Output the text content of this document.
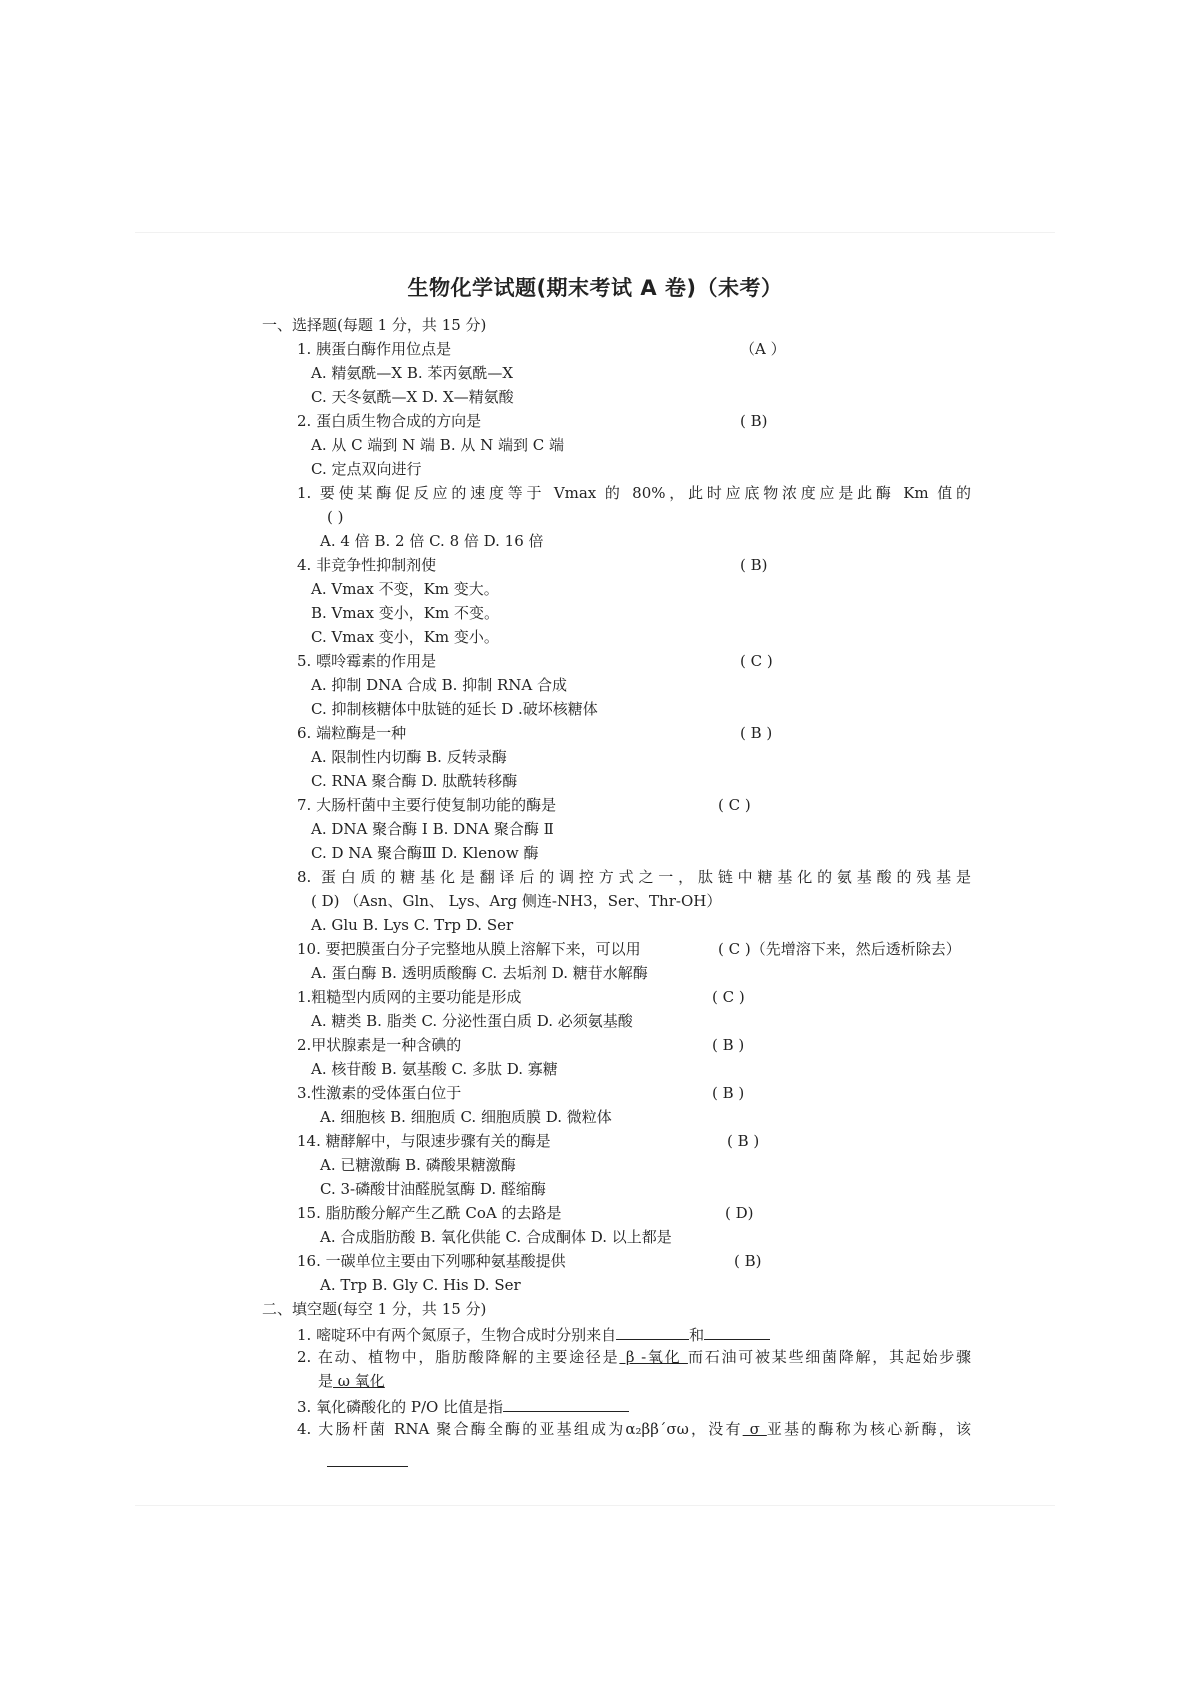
生物化学试题(期末考试 A 卷)（未考）
一、选择题(每题 1 分，共 15 分)
1. 胰蛋白酶作用位点是	（A ）
A. 精氨酰—X B. 苯丙氨酰—X
C. 天冬氨酰—X D. X—精氨酸
2. 蛋白质生物合成的方向是	( B)
A. 从 C 端到 N 端 B. 从 N 端到 C 端
C. 定点双向进行
1. 要使某酶促反应的速度等于 Vmax 的 80%，此时应底物浓度应是此酶 Km 值的
( )
A. 4 倍 B. 2 倍 C. 8 倍 D. 16 倍
4. 非竞争性抑制剂使	( B)
A. Vmax 不变，Km 变大。
B. Vmax 变小，Km 不变。
C. Vmax 变小，Km 变小。
5. 嘌呤霉素的作用是	( C )
A. 抑制 DNA 合成 B. 抑制 RNA 合成
C. 抑制核糖体中肽链的延长 D .破坏核糖体
6. 端粒酶是一种	( B )
A. 限制性内切酶 B. 反转录酶
C. RNA 聚合酶 D. 肽酰转移酶
7. 大肠杆菌中主要行使复制功能的酶是	( C )
A. DNA 聚合酶 I B. DNA 聚合酶 Ⅱ
C. D NA 聚合酶Ⅲ D. Klenow 酶
8. 蛋白质的糖基化是翻译后的调控方式之一，肽链中糖基化的氨基酸的残基是
( D) （Asn、Gln、 Lys、Arg 侧连-NH3，Ser、Thr-OH）
A. Glu B. Lys C. Trp D. Ser
10. 要把膜蛋白分子完整地从膜上溶解下来，可以用	( C )（先增溶下来，然后透析除去）
A. 蛋白酶 B. 透明质酸酶 C. 去垢剂 D. 糖苷水解酶
1.粗糙型内质网的主要功能是形成	( C )
A. 糖类 B. 脂类 C. 分泌性蛋白质 D. 必须氨基酸
2.甲状腺素是一种含碘的	( B )
A. 核苷酸 B. 氨基酸 C. 多肽 D. 寡糖
3.性激素的受体蛋白位于	( B )
A. 细胞核 B. 细胞质 C. 细胞质膜 D. 微粒体
14. 糖酵解中，与限速步骤有关的酶是	( B )
A. 已糖激酶 B. 磷酸果糖激酶
C. 3-磷酸甘油醛脱氢酶 D. 醛缩酶
15. 脂肪酸分解产生乙酰 CoA 的去路是	( D)
A. 合成脂肪酸 B. 氧化供能 C. 合成酮体 D. 以上都是
16. 一碳单位主要由下列哪种氨基酸提供	( B)
A. Trp B. Gly C. His D. Ser
二、填空题(每空 1 分，共 15 分)
1. 嘧啶环中有两个氮原子，生物合成时分别来自	和
2. 在动、植物中，脂肪酸降解的主要途径是 β -氧化 而石油可被某些细菌降解，其起始步骤
是 ω 氧化
3. 氧化磷酸化的 P/O 比值是指
4. 大肠杆菌 RNA 聚合酶全酶的亚基组成为α₂ββ΄σω，没有 σ 亚基的酶称为核心新酶，该
